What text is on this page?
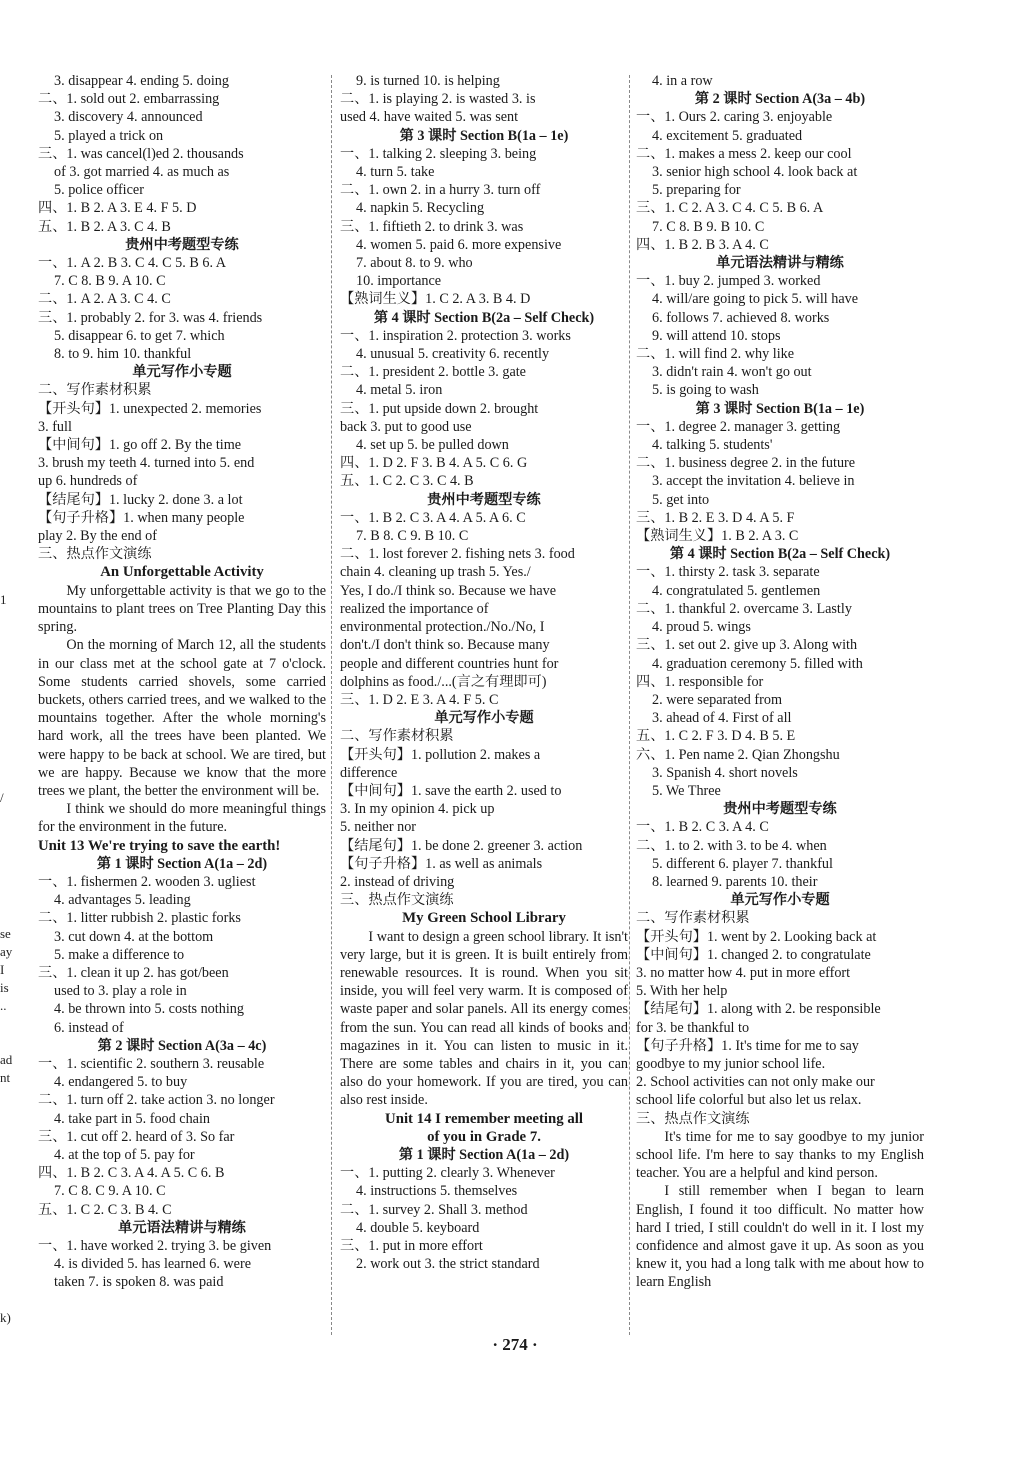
3. disappear 4. ending 5. doing
二、1. sold out 2. embarrassing
3. discovery 4. announced
5. played a trick on
三、1. was cancel(l)ed 2. thousands
of 3. got married 4. as much as
5. police officer
四、1. B 2. A 3. E 4. F 5. D
五、1. B 2. A 3. C 4. B
贵州中考题型专练
一、1. A 2. B 3. C 4. C 5. B 6. A
7. C 8. B 9. A 10. C
二、1. A 2. A 3. C 4. C
三、1. probably 2. for 3. was 4. friends
5. disappear 6. to get 7. which
8. to 9. him 10. thankful
单元写作小专题
二、写作素材积累
【开头句】1. unexpected 2. memories
3. full
【中间句】1. go off 2. By the time
3. brush my teeth 4. turned into 5. end
up 6. hundreds of
【结尾句】1. lucky 2. done 3. a lot
【句子升格】1. when many people
play 2. By the end of
三、热点作文演练
An Unforgettable Activity
My unforgettable activity is that we go to the mountains to plant trees on Tree Planting Day this spring.
On the morning of March 12, all the students in our class met at the school gate at 7 o'clock. Some students carried shovels, some carried buckets, others carried trees, and we walked to the mountains together. After the whole morning's hard work, all the trees have been planted. We were happy to be back at school. We are tired, but we are happy. Because we know that the more trees we plant, the better the environment will be.
I think we should do more meaningful things for the environment in the future.
Unit 13 We're trying to save the earth!
第 1 课时 Section A(1a – 2d)
一、1. fishermen 2. wooden 3. ugliest
4. advantages 5. leading
二、1. litter rubbish 2. plastic forks
3. cut down 4. at the bottom
5. make a difference to
三、1. clean it up 2. has got/been
used to 3. play a role in
4. be thrown into 5. costs nothing
6. instead of
第 2 课时 Section A(3a – 4c)
一、1. scientific 2. southern 3. reusable
4. endangered 5. to buy
二、1. turn off 2. take action 3. no longer
4. take part in 5. food chain
三、1. cut off 2. heard of 3. So far
4. at the top of 5. pay for
四、1. B 2. C 3. A 4. A 5. C 6. B
7. C 8. C 9. A 10. C
五、1. C 2. C 3. B 4. C
单元语法精讲与精练
一、1. have worked 2. trying 3. be given
4. is divided 5. has learned 6. were
taken 7. is spoken 8. was paid
9. is turned 10. is helping
二、1. is playing 2. is wasted 3. is
used 4. have waited 5. was sent
第 3 课时 Section B(1a – 1e)
一、1. talking 2. sleeping 3. being
4. turn 5. take
二、1. own 2. in a hurry 3. turn off
4. napkin 5. Recycling
三、1. fiftieth 2. to drink 3. was
4. women 5. paid 6. more expensive
7. about 8. to 9. who
10. importance
【熟词生义】1. C 2. A 3. B 4. D
第 4 课时 Section B(2a – Self Check)
一、1. inspiration 2. protection 3. works
4. unusual 5. creativity 6. recently
二、1. president 2. bottle 3. gate
4. metal 5. iron
三、1. put upside down 2. brought
back 3. put to good use
4. set up 5. be pulled down
四、1. D 2. F 3. B 4. A 5. C 6. G
五、1. C 2. C 3. C 4. B
贵州中考题型专练
一、1. B 2. C 3. A 4. A 5. A 6. C
7. B 8. C 9. B 10. C
二、1. lost forever 2. fishing nets 3. food
chain 4. cleaning up trash 5. Yes./
Yes, I do./I think so. Because we have
realized the importance of
environmental protection./No./No, I
don't./I don't think so. Because many
people and different countries hunt for
dolphins as food./...(言之有理即可)
三、1. D 2. E 3. A 4. F 5. C
单元写作小专题
二、写作素材积累
【开头句】1. pollution 2. makes a
difference
【中间句】1. save the earth 2. used to
3. In my opinion 4. pick up
5. neither nor
【结尾句】1. be done 2. greener 3. action
【句子升格】1. as well as animals
2. instead of driving
三、热点作文演练
My Green School Library
I want to design a green school library. It isn't very large, but it is green. It is built entirely from renewable resources. It is round. When you sit inside, you will feel very warm. It is composed of waste paper and solar panels. All its energy comes from the sun. You can read all kinds of books and magazines in it. You can listen to music in it. There are some tables and chairs in it, you can also do your homework. If you are tired, you can also rest inside.
Unit 14 I remember meeting all
of you in Grade 7.
第 1 课时 Section A(1a – 2d)
一、1. putting 2. clearly 3. Whenever
4. instructions 5. themselves
二、1. survey 2. Shall 3. method
4. double 5. keyboard
三、1. put in more effort
2. work out 3. the strict standard
4. in a row
第 2 课时 Section A(3a – 4b)
一、1. Ours 2. caring 3. enjoyable
4. excitement 5. graduated
二、1. makes a mess 2. keep our cool
3. senior high school 4. look back at
5. preparing for
三、1. C 2. A 3. C 4. C 5. B 6. A
7. C 8. B 9. B 10. C
四、1. B 2. B 3. A 4. C
单元语法精讲与精练
一、1. buy 2. jumped 3. worked
4. will/are going to pick 5. will have
6. follows 7. achieved 8. works
9. will attend 10. stops
二、1. will find 2. why like
3. didn't rain 4. won't go out
5. is going to wash
第 3 课时 Section B(1a – 1e)
一、1. degree 2. manager 3. getting
4. talking 5. students'
二、1. business degree 2. in the future
3. accept the invitation 4. believe in
5. get into
三、1. B 2. E 3. D 4. A 5. F
【熟词生义】1. B 2. A 3. C
第 4 课时 Section B(2a – Self Check)
一、1. thirsty 2. task 3. separate
4. congratulated 5. gentlemen
二、1. thankful 2. overcame 3. Lastly
4. proud 5. wings
三、1. set out 2. give up 3. Along with
4. graduation ceremony 5. filled with
四、1. responsible for
2. were separated from
3. ahead of 4. First of all
五、1. C 2. F 3. D 4. B 5. E
六、1. Pen name 2. Qian Zhongshu
3. Spanish 4. short novels
5. We Three
贵州中考题型专练
一、1. B 2. C 3. A 4. C
二、1. to 2. with 3. to be 4. when
5. different 6. player 7. thankful
8. learned 9. parents 10. their
单元写作小专题
二、写作素材积累
【开头句】1. went by 2. Looking back at
【中间句】1. changed 2. to congratulate
3. no matter how 4. put in more effort
5. With her help
【结尾句】1. along with 2. be responsible
for 3. be thankful to
【句子升格】1. It's time for me to say
goodbye to my junior school life.
2. School activities can not only make our
school life colorful but also let us relax.
三、热点作文演练
It's time for me to say goodbye to my junior school life. I'm here to say thanks to my English teacher. You are a helpful and kind person.
I still remember when I began to learn English, I found it too difficult. No matter how hard I tried, I still couldn't do well in it. I lost my confidence and almost gave it up. As soon as you knew it, you had a long talk with me about how to learn English
· 274 ·
1
/
se
ay
I
is
..
ad
nt
k)
